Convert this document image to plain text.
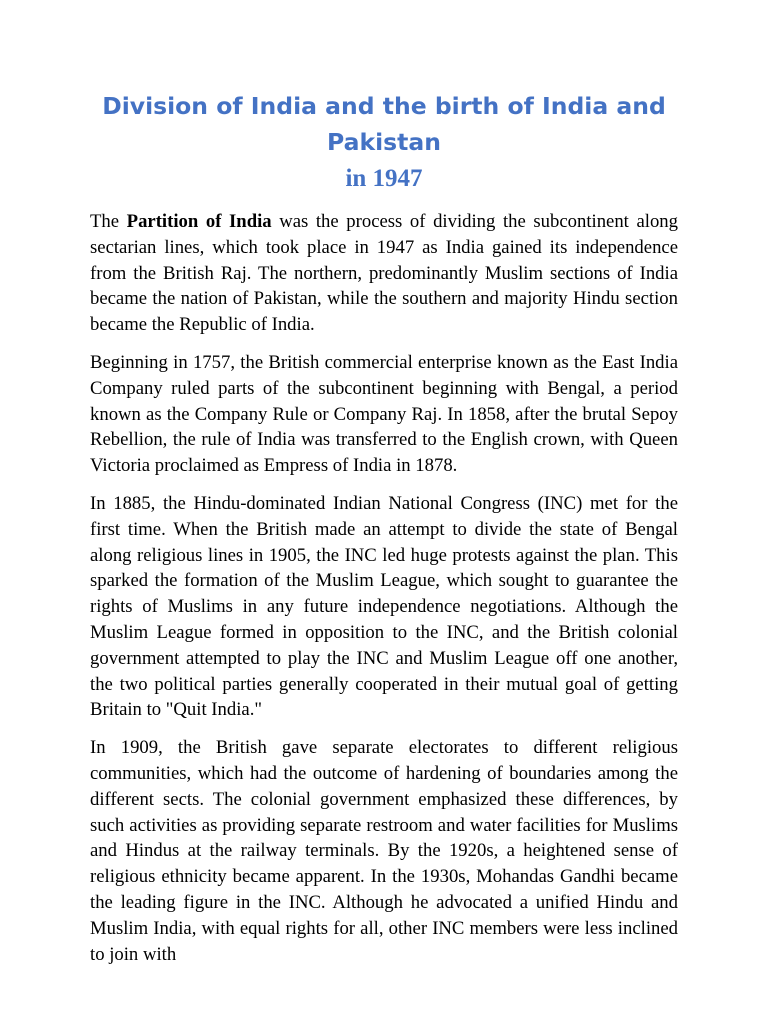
Division of India and the birth of India and Pakistan
in 1947

The Partition of India was the process of dividing the subcontinent along sectarian lines, which took place in 1947 as India gained its independence from the British Raj. The northern, predominantly Muslim sections of India became the nation of Pakistan, while the southern and majority Hindu section became the Republic of India.

Beginning in 1757, the British commercial enterprise known as the East India Company ruled parts of the subcontinent beginning with Bengal, a period known as the Company Rule or Company Raj. In 1858, after the brutal Sepoy Rebellion, the rule of India was transferred to the English crown, with Queen Victoria proclaimed as Empress of India in 1878.

In 1885, the Hindu-dominated Indian National Congress (INC) met for the first time. When the British made an attempt to divide the state of Bengal along religious lines in 1905, the INC led huge protests against the plan. This sparked the formation of the Muslim League, which sought to guarantee the rights of Muslims in any future independence negotiations. Although the Muslim League formed in opposition to the INC, and the British colonial government attempted to play the INC and Muslim League off one another, the two political parties generally cooperated in their mutual goal of getting Britain to "Quit India."

In 1909, the British gave separate electorates to different religious communities, which had the outcome of hardening of boundaries among the different sects. The colonial government emphasized these differences, by such activities as providing separate restroom and water facilities for Muslims and Hindus at the railway terminals. By the 1920s, a heightened sense of religious ethnicity became apparent. In the 1930s, Mohandas Gandhi became the leading figure in the INC. Although he advocated a unified Hindu and Muslim India, with equal rights for all, other INC members were less inclined to join with
